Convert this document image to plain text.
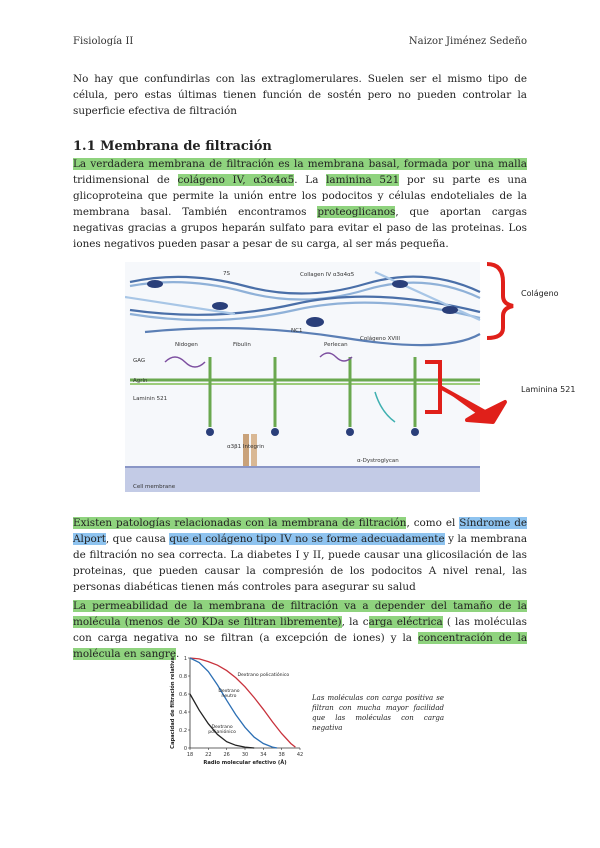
Fisiología II	Naizor Jiménez Sedeño
No hay que confundirlas con las extraglomerulares. Suelen ser el mismo tipo de célula, pero estas últimas tienen función de sostén pero no pueden controlar la superficie efectiva de filtración
1.1 Membrana de filtración
La verdadera membrana de filtración es la membrana basal, formada por una malla tridimensional de colágeno IV, α3α4α5. La laminina 521 por su parte es una glicoproteina que permite la unión entre los podocitos y células endoteliales de la membrana basal. También encontramos proteoglicanos, que aportan cargas negativas gracias a grupos heparán sulfato para evitar el paso de las proteinas. Los iones negativos pueden pasar a pesar de su carga, al ser más pequeña.
7S	Collagen IV α3α4α5
NC1
Nidogen	Fibulin	Perlecan
Colágeno XVIII
GAG
Agrin
Laminin 521
α3β1 Integrin
α-Dystroglycan
Cell membrane
Colágeno
Laminina 521
Existen patologías relacionadas con la membrana de filtración, como el Síndrome de Alport, que causa que el colágeno tipo IV no se forme adecuadamente y la membrana de filtración no sea correcta. La diabetes I y II, puede causar una glicosilación de las proteinas, que pueden causar la compresión de los podocitos A nivel renal, las personas diabéticas tienen más controles para asegurar su salud
La permeabilidad de la membrana de filtración va a depender del tamaño de la molécula (menos de 30 KDa se filtran libremente), la carga eléctrica ( las moléculas con carga negativa no se filtran (a excepción de iones) y la concentración de la molécula en sangre.
18 22 26 30 34 38 42
0
0.2
0.4
0.6
0.8
1
Radio molecular efectivo (Å)
Capacidad de filtración relativa	Dextrano policatiónico
Dextrano neutro
Dextrano polianiónico
Las moléculas con carga positiva se filtran con mucha mayor facilidad que las moléculas con carga negativa
